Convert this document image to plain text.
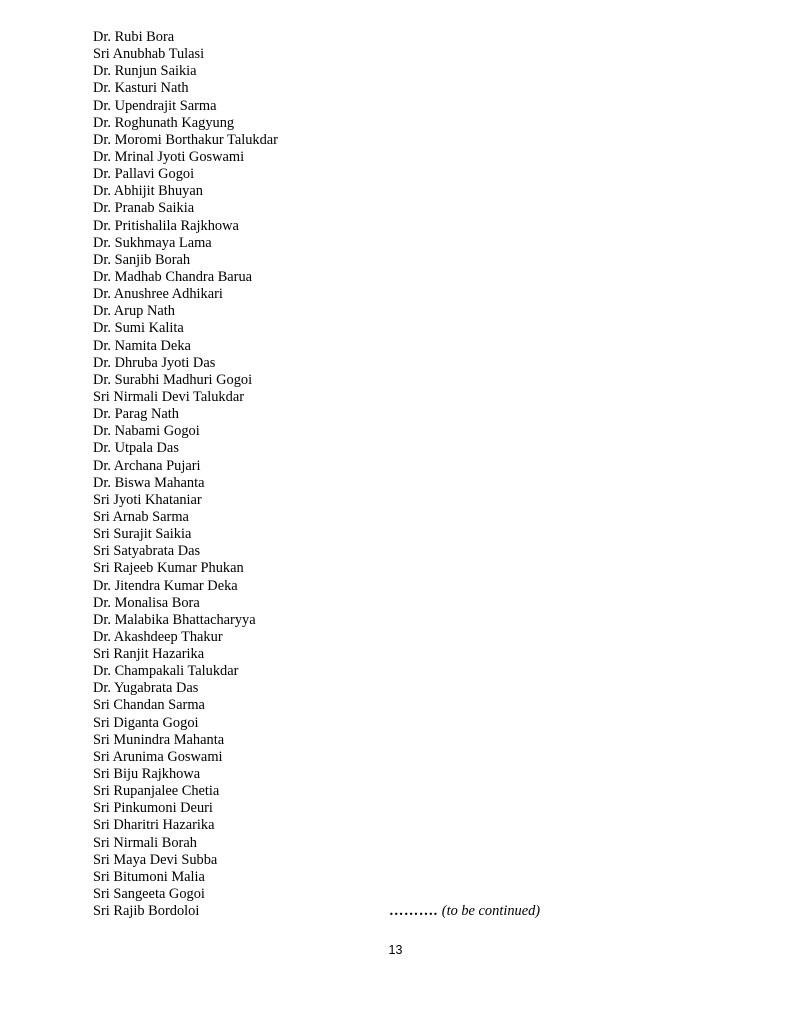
Dr. Rubi Bora
Sri Anubhab Tulasi
Dr. Runjun Saikia
Dr. Kasturi Nath
Dr. Upendrajit Sarma
Dr. Roghunath Kagyung
Dr. Moromi Borthakur Talukdar
Dr. Mrinal Jyoti Goswami
Dr. Pallavi Gogoi
Dr. Abhijit Bhuyan
Dr. Pranab Saikia
Dr. Pritishalila Rajkhowa
Dr. Sukhmaya Lama
Dr. Sanjib Borah
Dr. Madhab Chandra Barua
Dr. Anushree Adhikari
Dr. Arup Nath
Dr. Sumi Kalita
Dr. Namita Deka
Dr. Dhruba Jyoti Das
Dr. Surabhi Madhuri Gogoi
Sri Nirmali Devi Talukdar
Dr. Parag Nath
Dr. Nabami Gogoi
Dr. Utpala Das
Dr. Archana Pujari
Dr. Biswa Mahanta
Sri Jyoti Khataniar
Sri Arnab Sarma
Sri Surajit Saikia
Sri Satyabrata Das
Sri Rajeeb Kumar Phukan
Dr. Jitendra Kumar Deka
Dr. Monalisa Bora
Dr. Malabika Bhattacharyya
Dr. Akashdeep Thakur
Sri Ranjit Hazarika
Dr. Champakali Talukdar
Dr. Yugabrata Das
Sri Chandan Sarma
Sri Diganta Gogoi
Sri Munindra Mahanta
Sri Arunima Goswami
Sri Biju Rajkhowa
Sri Rupanjalee Chetia
Sri Pinkumoni Deuri
Sri Dharitri Hazarika
Sri Nirmali Borah
Sri Maya Devi Subba
Sri Bitumoni Malia
Sri Sangeeta Gogoi
Sri Rajib Bordoloi	………. (to be continued)
13
